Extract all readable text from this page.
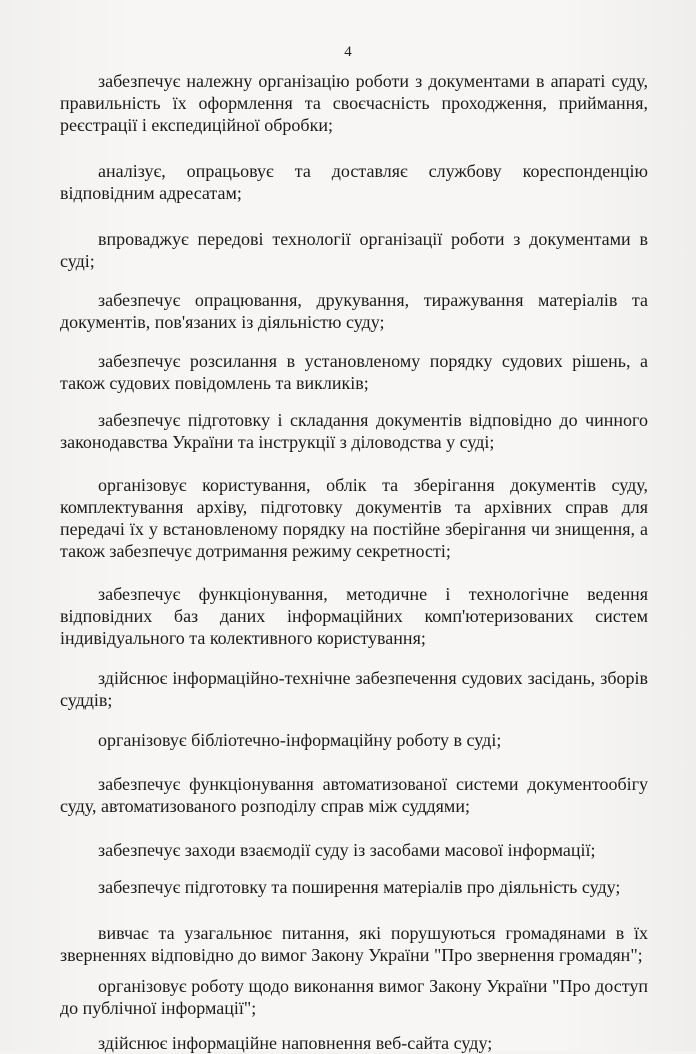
4

забезпечує належну організацію роботи з документами в апараті суду, правильність їх оформлення та своєчасність проходження, приймання, реєстрації і експедиційної обробки;

аналізує, опрацьовує та доставляє службову кореспонденцію відповідним адресатам;

впроваджує передові технології організації роботи з документами в суді;

забезпечує опрацювання, друкування, тиражування матеріалів та документів, пов'язаних із діяльністю суду;

забезпечує розсилання в установленому порядку судових рішень, а також судових повідомлень та викликів;

забезпечує підготовку і складання документів відповідно до чинного законодавства України та інструкції з діловодства у суді;

організовує користування, облік та зберігання документів суду, комплектування архіву, підготовку документів та архівних справ для передачі їх у встановленому порядку на постійне зберігання чи знищення, а також забезпечує дотримання режиму секретності;

забезпечує функціонування, методичне і технологічне ведення відповідних баз даних інформаційних комп'ютеризованих систем індивідуального та колективного користування;

здійснює інформаційно-технічне забезпечення судових засідань, зборів суддів;

організовує бібліотечно-інформаційну роботу в суді;

забезпечує функціонування автоматизованої системи документообігу суду, автоматизованого розподілу справ між суддями;

забезпечує заходи взаємодії суду із засобами масової інформації;

забезпечує підготовку та поширення матеріалів про діяльність суду;

вивчає та узагальнює питання, які порушуються громадянами в їх зверненнях відповідно до вимог Закону України "Про звернення громадян";

організовує роботу щодо виконання вимог Закону України "Про доступ до публічної інформації";

здійснює інформаційне наповнення веб-сайта суду;
